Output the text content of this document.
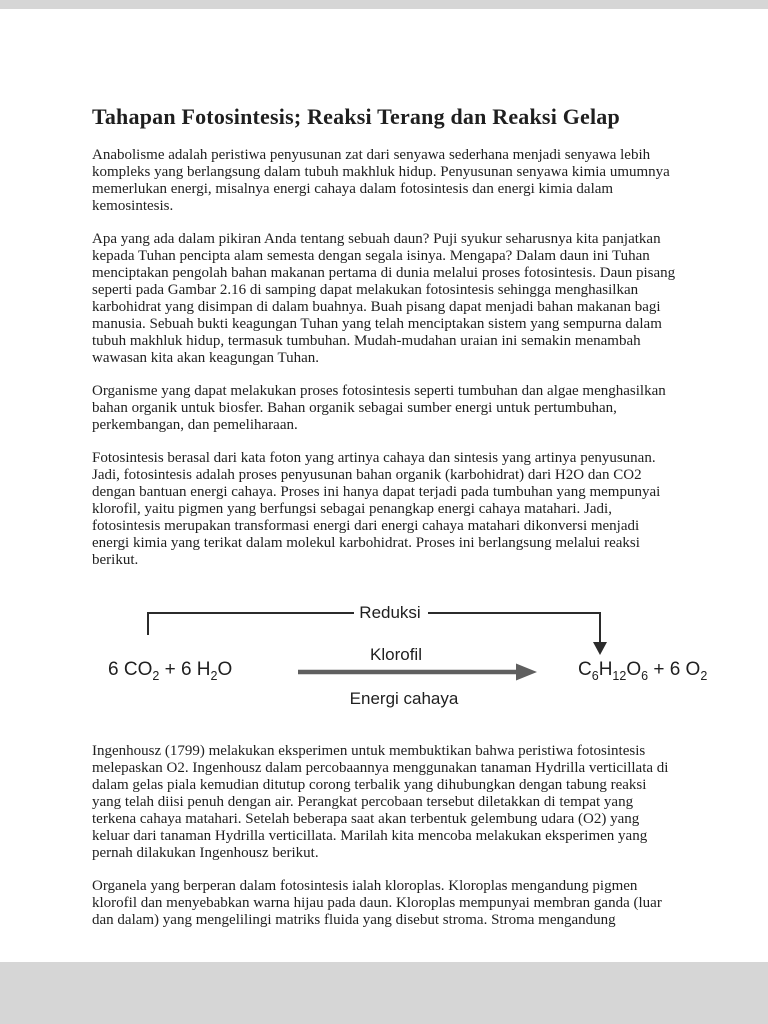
Tahapan Fotosintesis; Reaksi Terang dan Reaksi Gelap

Anabolisme adalah peristiwa penyusunan zat dari senyawa sederhana menjadi senyawa lebih kompleks yang berlangsung dalam tubuh makhluk hidup. Penyusunan senyawa kimia umumnya memerlukan energi, misalnya energi cahaya dalam fotosintesis dan energi kimia dalam kemosintesis.

Apa yang ada dalam pikiran Anda tentang sebuah daun? Puji syukur seharusnya kita panjatkan kepada Tuhan pencipta alam semesta dengan segala isinya. Mengapa? Dalam daun ini Tuhan menciptakan pengolah bahan makanan pertama di dunia melalui proses fotosintesis. Daun pisang seperti pada Gambar 2.16 di samping dapat melakukan fotosintesis sehingga menghasilkan karbohidrat yang disimpan di dalam buahnya. Buah pisang dapat menjadi bahan makanan bagi manusia. Sebuah bukti keagungan Tuhan yang telah menciptakan sistem yang sempurna dalam tubuh makhluk hidup, termasuk tumbuhan. Mudah-mudahan uraian ini semakin menambah wawasan kita akan keagungan Tuhan.

Organisme yang dapat melakukan proses fotosintesis seperti tumbuhan dan algae menghasilkan bahan organik untuk biosfer. Bahan organik sebagai sumber energi untuk pertumbuhan, perkembangan, dan pemeliharaan.

Fotosintesis berasal dari kata foton yang artinya cahaya dan sintesis yang artinya penyusunan. Jadi, fotosintesis adalah proses penyusunan bahan organik (karbohidrat) dari H2O dan CO2 dengan bantuan energi cahaya. Proses ini hanya dapat terjadi pada tumbuhan yang mempunyai klorofil, yaitu pigmen yang berfungsi sebagai penangkap energi cahaya matahari. Jadi, fotosintesis merupakan transformasi energi dari energi cahaya matahari dikonversi menjadi energi kimia yang terikat dalam molekul karbohidrat. Proses ini berlangsung melalui reaksi berikut.

Reduksi
Klorofil
Energi cahaya
6 $CO_2 + 6$ $H_2O$	$C_6H_{12}O_6 + 6$ $O_2$

Ingenhousz (1799) melakukan eksperimen untuk membuktikan bahwa peristiwa fotosintesis melepaskan O2. Ingenhousz dalam percobaannya menggunakan tanaman Hydrilla verticillata di dalam gelas piala kemudian ditutup corong terbalik yang dihubungkan dengan tabung reaksi yang telah diisi penuh dengan air. Perangkat percobaan tersebut diletakkan di tempat yang terkena cahaya matahari. Setelah beberapa saat akan terbentuk gelembung udara (O2) yang keluar dari tanaman Hydrilla verticillata. Marilah kita mencoba melakukan eksperimen yang pernah dilakukan Ingenhousz berikut.

Organela yang berperan dalam fotosintesis ialah kloroplas. Kloroplas mengandung pigmen klorofil dan menyebabkan warna hijau pada daun. Kloroplas mempunyai membran ganda (luar dan dalam) yang mengelilingi matriks fluida yang disebut stroma. Stroma mengandung
